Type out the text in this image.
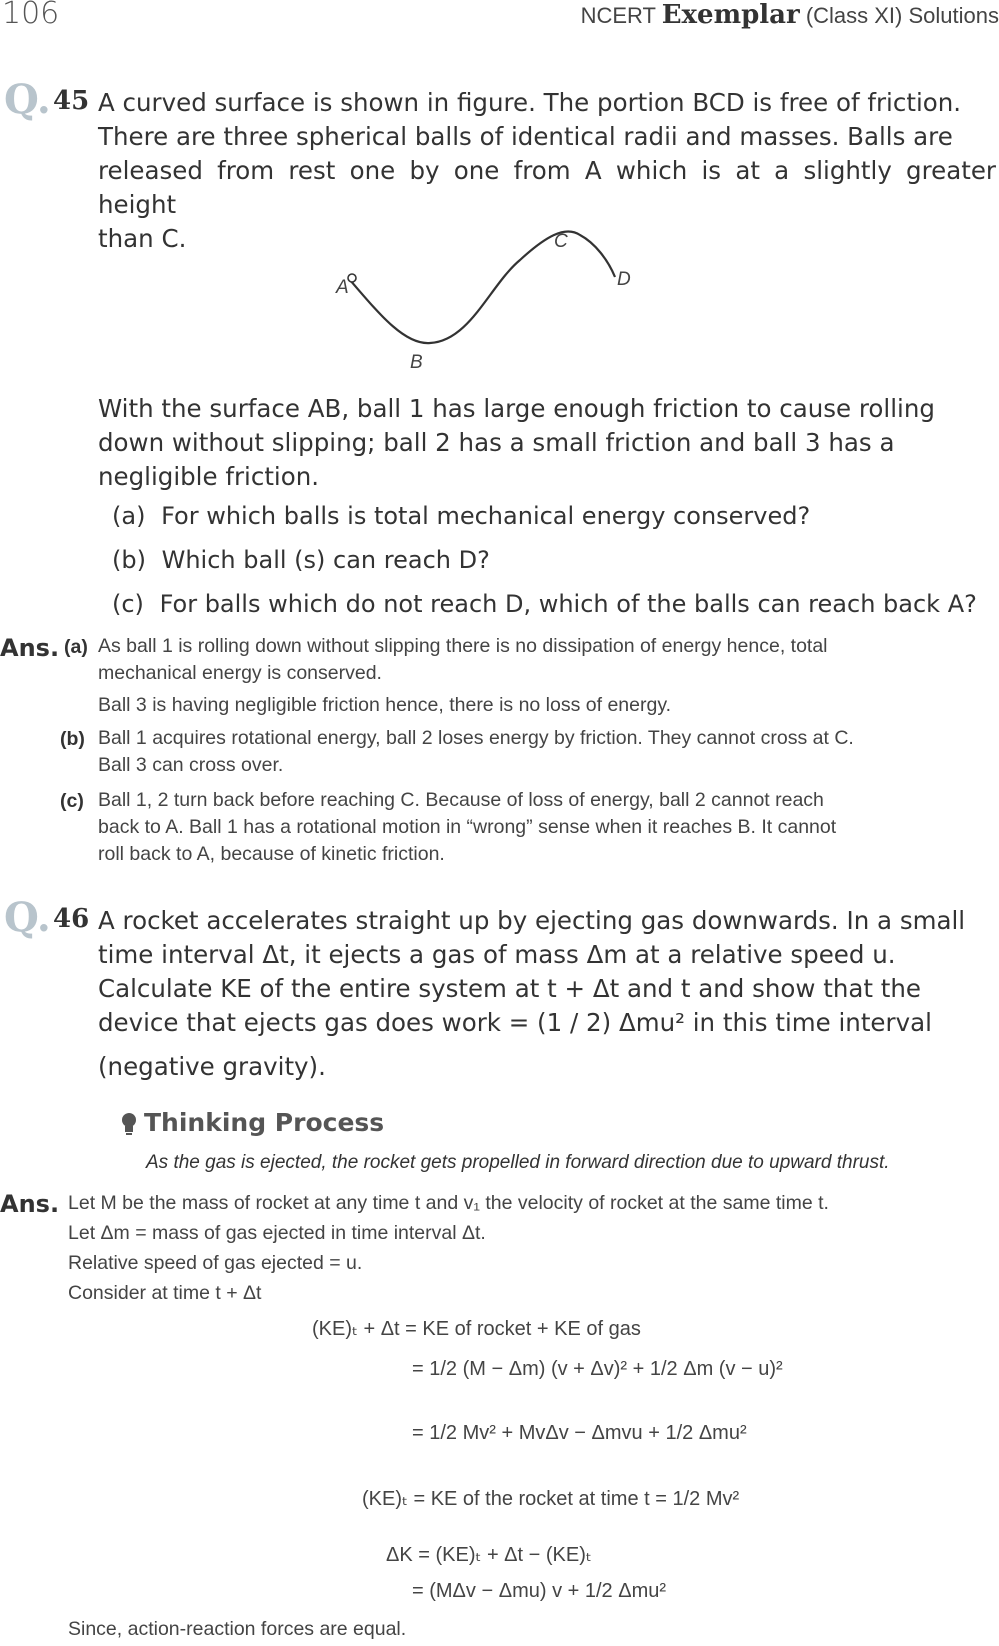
106	NCERT Exemplar (Class XI) Solutions
Q. 45 A curved surface is shown in figure. The portion BCD is free of friction.
There are three spherical balls of identical radii and masses. Balls are
released from rest one by one from A which is at a slightly greater height
than C.
A
B
C
D
With the surface AB, ball 1 has large enough friction to cause rolling
down without slipping; ball 2 has a small friction and ball 3 has a
negligible friction.
(a) For which balls is total mechanical energy conserved?
(b) Which ball (s) can reach D?
(c) For balls which do not reach D, which of the balls can reach back A?
Ans. (a) As ball 1 is rolling down without slipping there is no dissipation of energy hence, total
mechanical energy is conserved.
Ball 3 is having negligible friction hence, there is no loss of energy.
(b) Ball 1 acquires rotational energy, ball 2 loses energy by friction. They cannot cross at C.
Ball 3 can cross over.
(c) Ball 1, 2 turn back before reaching C. Because of loss of energy, ball 2 cannot reach
back to A. Ball 1 has a rotational motion in “wrong” sense when it reaches B. It cannot
roll back to A, because of kinetic friction.
Q. 46 A rocket accelerates straight up by ejecting gas downwards. In a small
time interval Δt, it ejects a gas of mass Δm at a relative speed u.
Calculate KE of the entire system at t + Δt and t and show that the
device that ejects gas does work = (1 / 2) Δmu² in this time interval
(negative gravity).
Thinking Process
As the gas is ejected, the rocket gets propelled in forward direction due to upward thrust.
Ans. Let M be the mass of rocket at any time t and v₁ the velocity of rocket at the same time t.
Let Δm = mass of gas ejected in time interval Δt.
Relative speed of gas ejected = u.
Consider at time t + Δt
(KE)ₜ + Δt = KE of rocket + KE of gas
= 1/2 (M − Δm) (v + Δv)² + 1/2 Δm (v − u)²
= 1/2 Mv² + MvΔv − Δmvu + 1/2 Δmu²
(KE)ₜ = KE of the rocket at time t = 1/2 Mv²
ΔK = (KE)ₜ + Δt − (KE)ₜ
= (MΔv − Δmu) v + 1/2 Δmu²
Since, action-reaction forces are equal.
